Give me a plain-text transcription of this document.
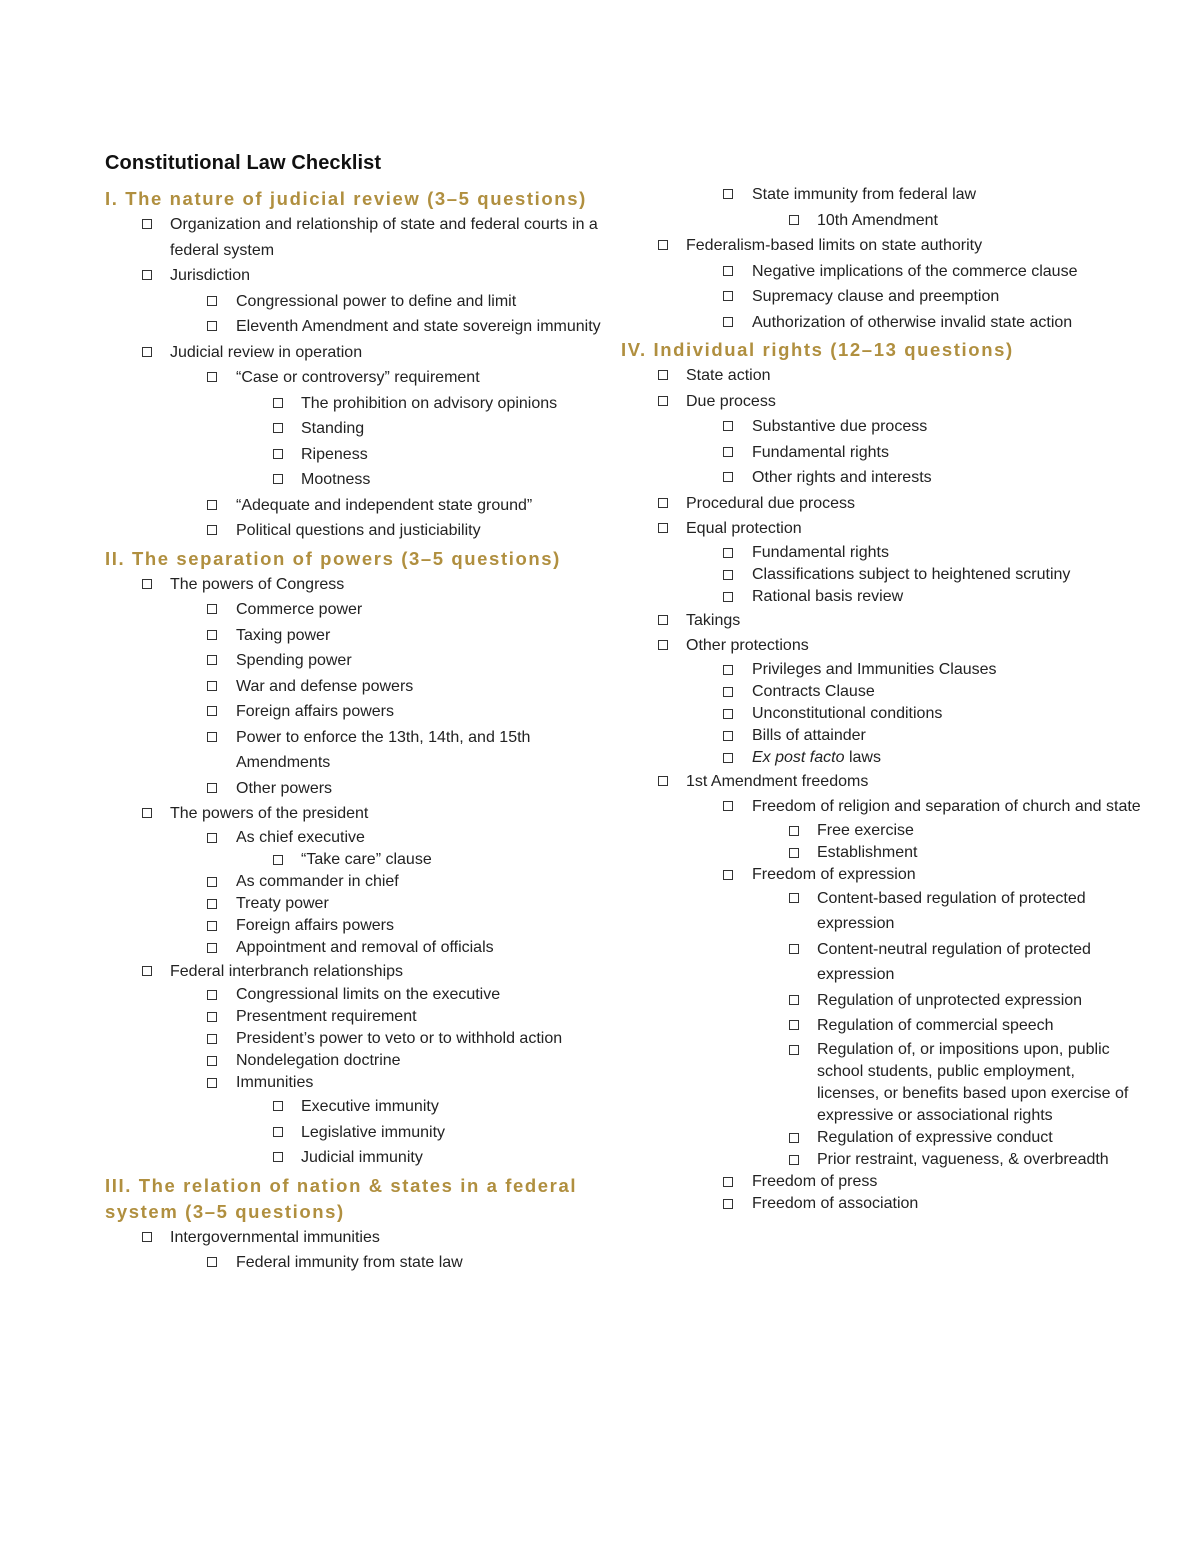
Constitutional Law Checklist
I. The nature of judicial review (3–5 questions)
Organization and relationship of state and federal courts in a federal system
Jurisdiction
Congressional power to define and limit
Eleventh Amendment and state sovereign immunity
Judicial review in operation
“Case or controversy” requirement
The prohibition on advisory opinions
Standing
Ripeness
Mootness
“Adequate and independent state ground”
Political questions and justiciability
II. The separation of powers (3–5 questions)
The powers of Congress
Commerce power
Taxing power
Spending power
War and defense powers
Foreign affairs powers
Power to enforce the 13th, 14th, and 15th Amendments
Other powers
The powers of the president
As chief executive
“Take care” clause
As commander in chief
Treaty power
Foreign affairs powers
Appointment and removal of officials
Federal interbranch relationships
Congressional limits on the executive
Presentment requirement
President’s power to veto or to withhold action
Nondelegation doctrine
Immunities
Executive immunity
Legislative immunity
Judicial immunity
III. The relation of nation & states in a federal system (3–5 questions)
Intergovernmental immunities
Federal immunity from state law
State immunity from federal law
10th Amendment
Federalism-based limits on state authority
Negative implications of the commerce clause
Supremacy clause and preemption
Authorization of otherwise invalid state action
IV. Individual rights (12–13 questions)
State action
Due process
Substantive due process
Fundamental rights
Other rights and interests
Procedural due process
Equal protection
Fundamental rights
Classifications subject to heightened scrutiny
Rational basis review
Takings
Other protections
Privileges and Immunities Clauses
Contracts Clause
Unconstitutional conditions
Bills of attainder
Ex post facto laws
1st Amendment freedoms
Freedom of religion and separation of church and state
Free exercise
Establishment
Freedom of expression
Content-based regulation of protected expression
Content-neutral regulation of protected expression
Regulation of unprotected expression
Regulation of commercial speech
Regulation of, or impositions upon, public school students, public employment, licenses, or benefits based upon exercise of expressive or associational rights
Regulation of expressive conduct
Prior restraint, vagueness, & overbreadth
Freedom of press
Freedom of association
